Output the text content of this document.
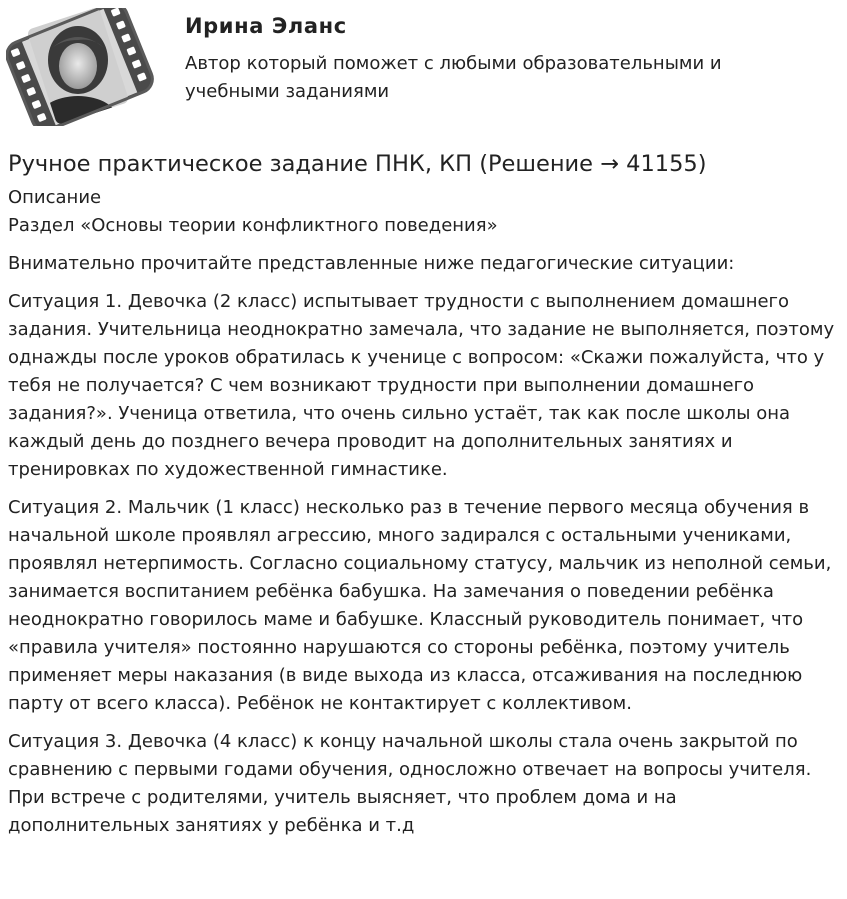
Ирина Эланс
Автор который поможет с любыми образовательными и учебными заданиями
Ручное практическое задание ПНК, КП (Решение → 41155)
Описание
Раздел «Основы теории конфликтного поведения»

Внимательно прочитайте представленные ниже педагогические ситуации:

Ситуация 1. Девочка (2 класс) испытывает трудности с выполнением домашнего задания. Учительница неоднократно замечала, что задание не выполняется, поэтому однажды после уроков обратилась к ученице с вопросом: «Скажи пожалуйста, что у тебя не получается? С чем возникают трудности при выполнении домашнего задания?». Ученица ответила, что очень сильно устаёт, так как после школы она каждый день до позднего вечера проводит на дополнительных занятиях и тренировках по художественной гимнастике.

Ситуация 2. Мальчик (1 класс) несколько раз в течение первого месяца обучения в начальной школе проявлял агрессию, много задирался с остальными учениками, проявлял нетерпимость. Согласно социальному статусу, мальчик из неполной семьи, занимается воспитанием ребёнка бабушка. На замечания о поведении ребёнка неоднократно говорилось маме и бабушке. Классный руководитель понимает, что «правила учителя» постоянно нарушаются со стороны ребёнка, поэтому учитель применяет меры наказания (в виде выхода из класса, отсаживания на последнюю парту от всего класса). Ребёнок не контактирует с коллективом.

Ситуация 3. Девочка (4 класс) к концу начальной школы стала очень закрытой по сравнению с первыми годами обучения, односложно отвечает на вопросы учителя. При встрече с родителями, учитель выясняет, что проблем дома и на дополнительных занятиях у ребёнка и т.д
